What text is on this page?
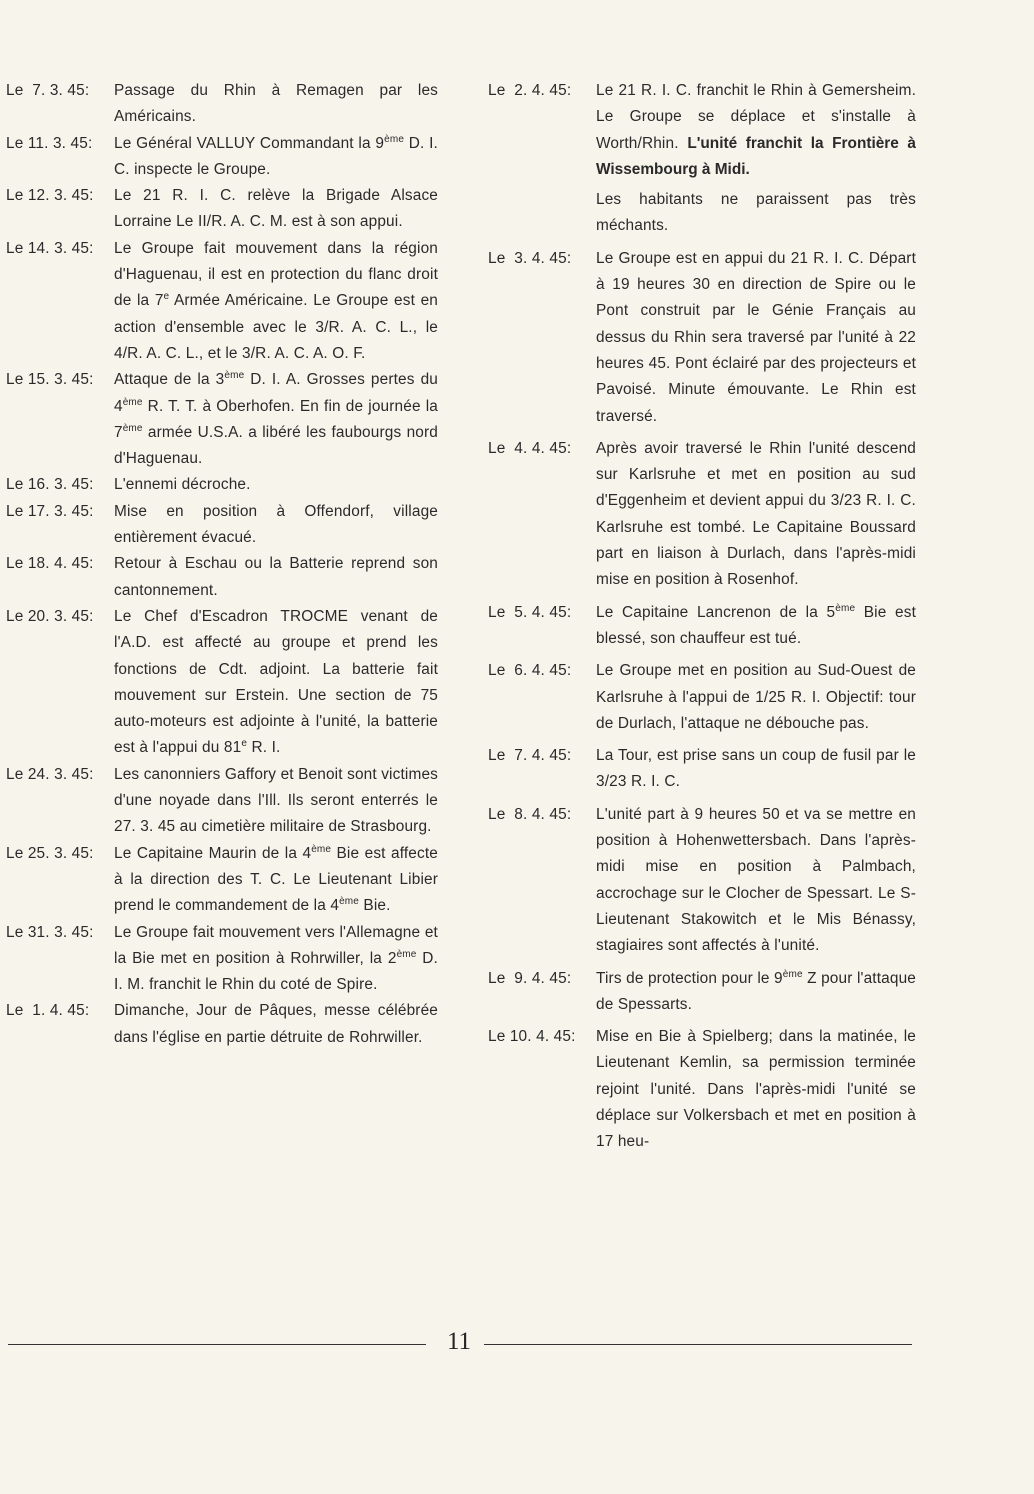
Le  7. 3. 45:	Passage du Rhin à Remagen par les Américains.
Le 11. 3. 45:	Le Général VALLUY Commandant la 9ème D. I. C. inspecte le Groupe.
Le 12. 3. 45:	Le 21 R. I. C. relève la Brigade Alsace Lorraine Le II/R. A. C. M. est à son appui.
Le 14. 3. 45:	Le Groupe fait mouvement dans la région d'Haguenau, il est en protection du flanc droit de la 7e Armée Américaine. Le Groupe est en action d'ensemble avec le 3/R. A. C. L., le 4/R. A. C. L., et le 3/R. A. C. A. O. F.
Le 15. 3. 45:	Attaque de la 3ème D. I. A. Grosses pertes du 4ème R. T. T. à Oberhofen. En fin de journée la 7ème armée U.S.A. a libéré les faubourgs nord d'Haguenau.
Le 16. 3. 45:	L'ennemi décroche.
Le 17. 3. 45:	Mise en position à Offendorf, village entièrement évacué.
Le 18. 4. 45:	Retour à Eschau ou la Batterie reprend son cantonnement.
Le 20. 3. 45:	Le Chef d'Escadron TROCME venant de l'A.D. est affecté au groupe et prend les fonctions de Cdt. adjoint. La batterie fait mouvement sur Erstein. Une section de 75 auto-moteurs est adjointe à l'unité, la batterie est à l'appui du 81e R. I.
Le 24. 3. 45:	Les canonniers Gaffory et Benoit sont victimes d'une noyade dans l'Ill. Ils seront enterrés le 27. 3. 45 au cimetière militaire de Strasbourg.
Le 25. 3. 45:	Le Capitaine Maurin de la 4ème Bie est affecte à la direction des T. C. Le Lieutenant Libier prend le commandement de la 4ème Bie.
Le 31. 3. 45:	Le Groupe fait mouvement vers l'Allemagne et la Bie met en position à Rohrwiller, la 2ème D. I. M. franchit le Rhin du coté de Spire.
Le  1. 4. 45:	Dimanche, Jour de Pâques, messe célébrée dans l'église en partie détruite de Rohrwiller.
Le  2. 4. 45:	Le 21 R. I. C. franchit le Rhin à Gemersheim. Le Groupe se déplace et s'installe à Worth/Rhin. L'unité franchit la Frontière à Wissembourg à Midi.
Les habitants ne paraissent pas très méchants.
Le  3. 4. 45:	Le Groupe est en appui du 21 R. I. C. Départ à 19 heures 30 en direction de Spire ou le Pont construit par le Génie Français au dessus du Rhin sera traversé par l'unité à 22 heures 45. Pont éclairé par des projecteurs et Pavoisé. Minute émouvante. Le Rhin est traversé.
Le  4. 4. 45:	Après avoir traversé le Rhin l'unité descend sur Karlsruhe et met en position au sud d'Eggenheim et devient appui du 3/23 R. I. C. Karlsruhe est tombé. Le Capitaine Boussard part en liaison à Durlach, dans l'après-midi mise en position à Rosenhof.
Le  5. 4. 45:	Le Capitaine Lancrenon de la 5ème Bie est blessé, son chauffeur est tué.
Le  6. 4. 45:	Le Groupe met en position au Sud-Ouest de Karlsruhe à l'appui de 1/25 R. I. Objectif: tour de Durlach, l'attaque ne débouche pas.
Le  7. 4. 45:	La Tour, est prise sans un coup de fusil par le 3/23 R. I. C.
Le  8. 4. 45:	L'unité part à 9 heures 50 et va se mettre en position à Hohenwettersbach. Dans l'après-midi mise en position à Palmbach, accrochage sur le Clocher de Spessart. Le S-Lieutenant Stakowitch et le Mis Bénassy, stagiaires sont affectés à l'unité.
Le  9. 4. 45:	Tirs de protection pour le 9ème Z pour l'attaque de Spessarts.
Le 10. 4. 45:	Mise en Bie à Spielberg; dans la matinée, le Lieutenant Kemlin, sa permission terminée rejoint l'unité. Dans l'après-midi l'unité se déplace sur Volkersbach et met en position à 17 heu-
11
